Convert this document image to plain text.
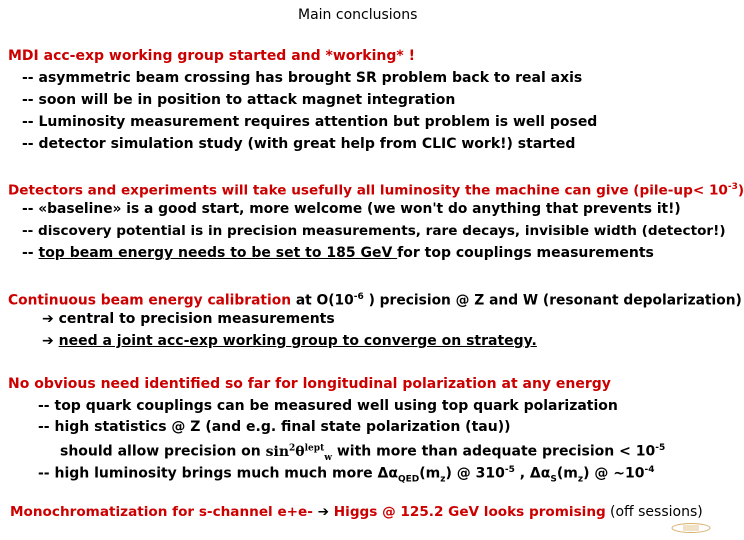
Main conclusions
MDI acc-exp working group started and *working* !
-- asymmetric beam crossing has brought SR problem back to real axis
-- soon will be in position to attack magnet integration
-- Luminosity measurement requires attention but problem is well posed
-- detector simulation study (with great help from CLIC work!) started
Detectors and experiments will take usefully all luminosity the machine can give (pile-up< $10^{-3}$)
-- «baseline» is a good start, more welcome (we won't do anything that prevents it!)
-- discovery potential is in precision measurements, rare decays, invisible width (detector!)
-- top beam energy needs to be set to 185 GeV for top couplings measurements
Continuous beam energy calibration at $O(10^{-6}$ ) precision @ Z and W (resonant depolarization)
➔ central to precision measurements
➔ need a joint acc-exp working group to converge on strategy.
No obvious need identified so far for longitudinal polarization at any energy
-- top quark couplings can be measured well using top quark polarization
-- high statistics @ Z (and e.g. final state polarization (tau))
should allow precision on $\sin^2\theta^{lept}_w$ with more than adequate precision < $10^{-5}$
-- high luminosity brings much much more $\Delta\alpha_{QED}(m_z)$ @ $310^{-5}$ , $\Delta\alpha_S(m_z)$ @ $\sim 10^{-4}$
Monochromatization for s-channel e+e- ➔ Higgs @ 125.2 GeV looks promising (off sessions)
